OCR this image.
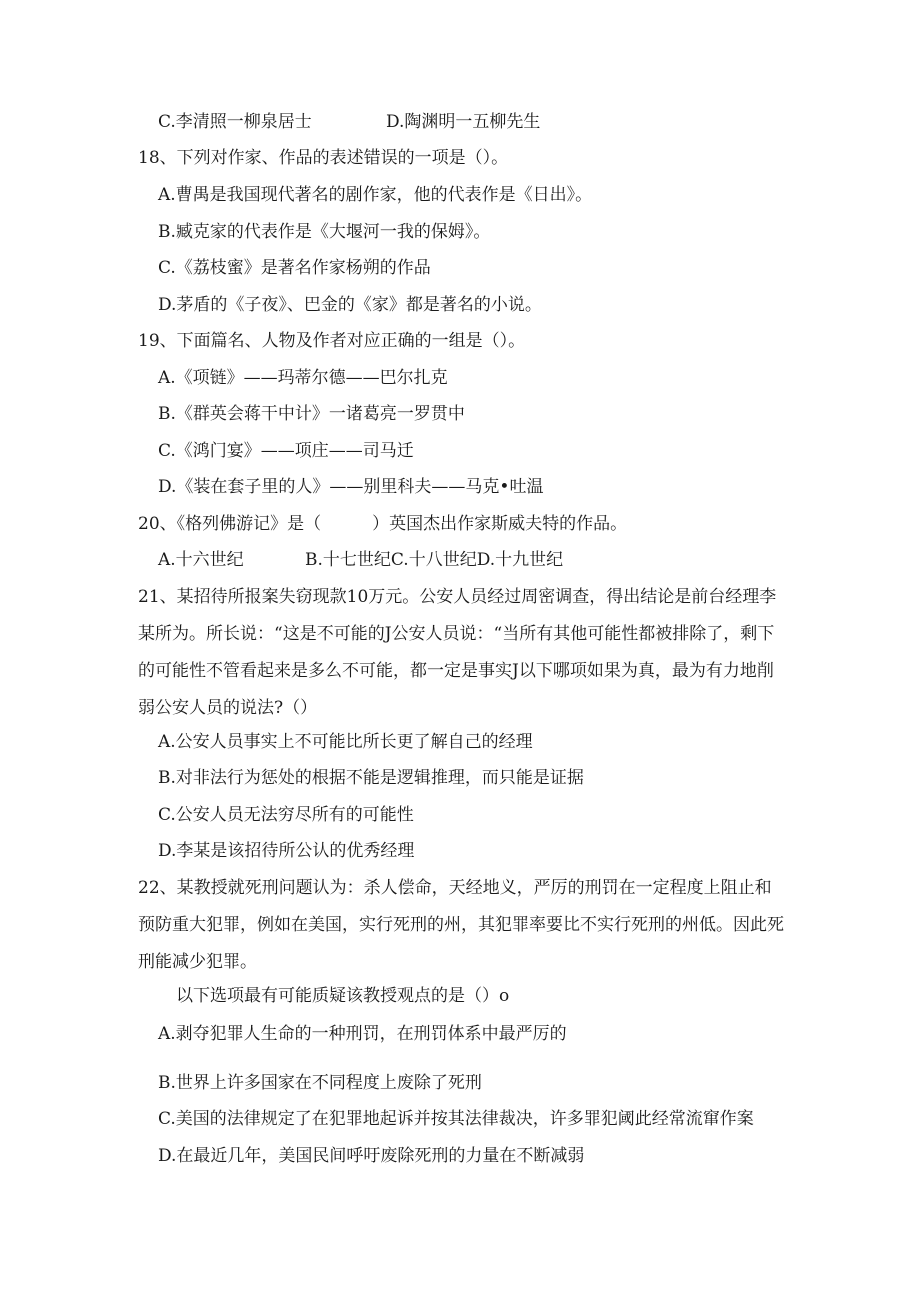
C.李清照一柳泉居士	D.陶渊明一五柳先生
18、下列对作家、作品的表述错误的一项是（）。
A.曹禺是我国现代著名的剧作家，他的代表作是《日出》。
B.臧克家的代表作是《大堰河一我的保姆》。
C.《荔枝蜜》是著名作家杨朔的作品
D.茅盾的《子夜》、巴金的《家》都是著名的小说。
19、下面篇名、人物及作者对应正确的一组是（）。
A.《项链》——玛蒂尔德——巴尔扎克
B.《群英会蒋干中计》一诸葛亮一罗贯中
C.《鸿门宴》——项庄——司马迁
D.《装在套子里的人》——别里科夫——马克•吐温
20、《格列佛游记》是（　　　）英国杰出作家斯威夫特的作品。
A.十六世纪	B.十七世纪C.十八世纪D.十九世纪
21、某招待所报案失窃现款10万元。公安人员经过周密调查，得出结论是前台经理李某所为。所长说：“这是不可能的J公安人员说：“当所有其他可能性都被排除了，剩下的可能性不管看起来是多么不可能，都一定是事实J以下哪项如果为真，最为有力地削弱公安人员的说法?（）
A.公安人员事实上不可能比所长更了解自己的经理
B.对非法行为惩处的根据不能是逻辑推理，而只能是证据
C.公安人员无法穷尽所有的可能性
D.李某是该招待所公认的优秀经理
22、某教授就死刑问题认为：杀人偿命，天经地义，严厉的刑罚在一定程度上阻止和预防重大犯罪，例如在美国，实行死刑的州，其犯罪率要比不实行死刑的州低。因此死刑能减少犯罪。
以下选项最有可能质疑该教授观点的是（）o
A.剥夺犯罪人生命的一种刑罚，在刑罚体系中最严厉的
B.世界上许多国家在不同程度上废除了死刑
C.美国的法律规定了在犯罪地起诉并按其法律裁决，许多罪犯阈此经常流窜作案
D.在最近几年，美国民间呼吁废除死刑的力量在不断减弱
